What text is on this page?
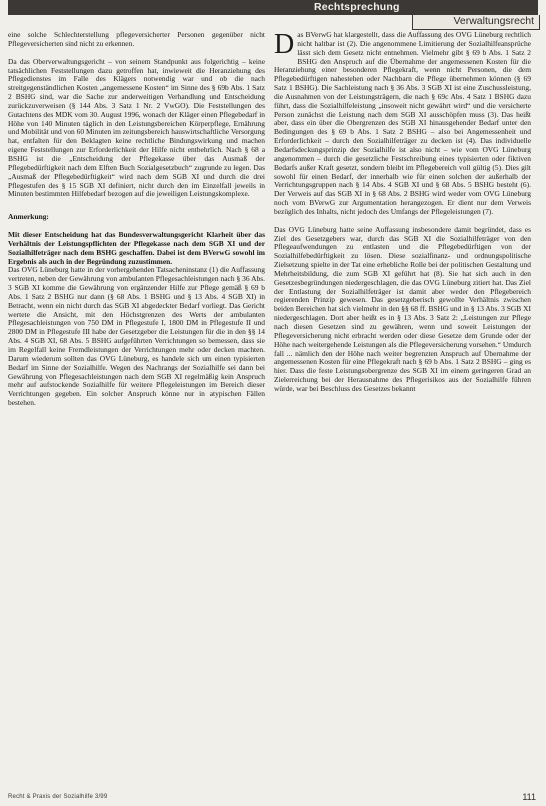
Rechtsprechung
Verwaltungsrecht

eine solche Schlechterstellung pflegeversicherter Personen gegenüber nicht Pflegeversicherten sind nicht zu erkennen.

Da das Oberverwaltungsgericht – von seinem Standpunkt aus folgerichtig – keine tatsächlichen Feststellungen dazu getroffen hat, inwieweit die Heranziehung des Pflegedienstes im Falle des Klägers notwendig war und ob die nach streitgegenständlichen Kosten „angemessene Kosten“ im Sinne des § 69b Abs. 1 Satz 2 BSHG sind, war die Sache zur anderweitigen Verhandlung und Entscheidung zurückzuverweisen (§ 144 Abs. 3 Satz 1 Nr. 2 VwGO). Die Feststellungen des Gutachtens des MDK vom 30. August 1996, wonach der Kläger einen Pflegebedarf in Höhe von 140 Minuten täglich in den Leistungsbereichen Körperpflege, Ernährung und Mobilität und von 60 Minuten im zeitungsbereich hauswirtschaftliche Versorgung hat, entfalten für den Beklagten keine rechtliche Bindungswirkung und machen eigene Feststellungen zur Erforderlichkeit der Hilfe nicht entbehrlich. Nach § 68 a BSHG ist die „Entscheidung der Pflegekasse über das Ausmaß der Pflegebedürftigkeit nach dem Elften Buch Sozialgesetzbuch“ zugrunde zu legen. Das „Ausmaß der Pflegebedürftigkeit“ wird nach dem SGB XI und durch die drei Pflegestufen des § 15 SGB XI definiert, nicht durch den im Einzelfall jeweils in Minuten bestimmten Hilfebedarf bezogen auf die jeweiligen Leistungskomplexe.

Anmerkung:

Mit dieser Entscheidung hat das Bundesverwaltungsgericht Klarheit über das Verhältnis der Leistungspflichten der Pflegekasse nach dem SGB XI und der Sozialhilfeträger nach dem BSHG geschaffen. Dabei ist dem BVerwG sowohl im Ergebnis als auch in der Begründung zuzustimmen.

Das OVG Lüneburg hatte in der vorhergehenden Tatsacheninstanz (1) die Auffassung vertreten, neben der Gewährung von ambulanten Pflegesachleistungen nach § 36 Abs. 3 SGB XI komme die Gewährung von ergänzender Hilfe zur Pflege gemäß § 69 b Abs. 1 Satz 2 BSHG nur dann (§ 68 Abs. 1 BSHG und § 13 Abs. 4 SGB XI) in Betracht, wenn ein nicht durch das SGB XI abgedeckter Bedarf vorliegt. Das Gericht wertete die Ansicht, mit den Höchstgrenzen des Werts der ambulanten Pflegesachleistungen von 750 DM in Pflegestufe I, 1800 DM in Pflegestufe II und 2800 DM in Pflegestufe III habe der Gesetzgeber die Leistungen für die in den §§ 14 Abs. 4 SGB XI, 68 Abs. 5 BSHG aufgeführten Verrichtungen so bemessen, dass sie im Regelfall keine Fremdleistungen der Verrichtungen mehr oder decken machten. Darum wiederum sollten das OVG Lüneburg, es handele sich um einen typisierten Bedarf im Sinne der Sozialhilfe. Wegen des Nachrangs der Sozialhilfe sei dann bei Gewährung von Pflegesachleistungen nach dem SGB XI regelmäßig kein Anspruch mehr auf aufstockende Sozialhilfe für weitere Pflegeleistungen im Bereich dieser Verrichtungen gegeben. Ein solcher Anspruch könne nur in atypischen Fällen bestehen.

Das BVerwG hat klargestellt, dass die Auffassung des OVG Lüneburg rechtlich nicht haltbar ist (2). Die angenommene Limitierung der Sozialhilfeansprüche lässt sich dem Gesetz nicht entnehmen. Vielmehr gibt § 69 b Abs. 1 Satz 2 BSHG den Anspruch auf die Übernahme der angemessenen Kosten für die Heranziehung einer besonderen Pflegekraft, wenn nicht Personen, die dem Pflegebedürftigen nahestehen oder Nachbarn die Pflege übernehmen können (§ 69 Satz 1 BSHG). Die Sachleistung nach § 36 Abs. 3 SGB XI ist eine Zuschussleistung, die Ausnahmen von der Leistungsträgern, die nach § 69c Abs. 4 Satz 1 BSHG dazu führt, dass die Sozialhilfeleistung „insoweit nicht gewährt wird“ und die versicherte Person zunächst die Leistung nach dem SGB XI ausschöpfen muss (3). Das heißt aber, dass ein über die Obergrenzen des SGB XI hinausgehender Bedarf unter den Bedingungen des § 69 b Abs. 1 Satz 2 BSHG – also bei Angemessenheit und Erforderlichkeit – durch den Sozialhilfeträger zu decken ist (4). Das individuelle Bedarfsdeckungsprinzip der Sozialhilfe ist also nicht – wie vom OVG Lüneburg angenommen – durch die gesetzliche Festschreibung eines typisierten oder fiktiven Bedarfs außer Kraft gesetzt, sondern bleibt im Pflegebereich voll gültig (5). Dies gilt sowohl für einen Bedarf, der innerhalb wie für einen solchen der außerhalb der Verrichtungsgruppen nach § 14 Abs. 4 SGB XI und § 68 Abs. 5 BSHG besteht (6). Der Verweis auf das SGB XI in § 68 Abs. 2 BSHG wird weder vom OVG Lüneburg noch vom BVerwG zur Argumentation herangezogen. Er dient nur dem Verweis bezüglich des Inhalts, nicht jedoch des Umfangs der Pflegeleistungen (7).

Das OVG Lüneburg hatte seine Auffassung insbesondere damit begründet, dass es Ziel des Gesetzgebers war, durch das SGB XI die Sozialhilfeträger von den Pflegeaufwendungen zu entlasten und die Pflegebedürftigen von der Sozialhilfebedürftigkeit zu lösen. Diese sozialfinanz- und ordnungspolitische Zielsetzung spielte in der Tat eine erhebliche Rolle bei der politischen Gestaltung und Mehrheitsbildung, die zum SGB XI geführt hat (8). Sie hat sich auch in den Gesetzesbegründungen niedergeschlagen, die das OVG Lüneburg zitiert hat. Das Ziel der Entlastung der Sozialhilfeträger ist damit aber weder den Pflegebereich regierenden Prinzip gewesen. Das gesetzgeberisch gewollte Verhältnis zwischen beiden Bereichen hat sich vielmehr in den §§ 68 ff. BSHG und in § 13 Abs. 3 SGB XI niedergeschlagen. Dort aber heißt es in § 13 Abs. 3 Satz 2: „Leistungen zur Pflege nach diesen Gesetzen sind zu gewähren, wenn und soweit Leistungen der Pflegeversicherung nicht erbracht werden oder diese Gesetze dem Grunde oder der Höhe nach weitergehende Leistungen als die Pflegeversicherung vorsehen.“ Umdurch fall ... nämlich den der Höhe nach weiter begrenzten Anspruch auf Übernahme der angemessenen Kosten für eine Pflegekraft nach § 69 b Abs. 1 Satz 2 BSHG – ging es hier. Dass die feste Leistungsobergrenze des SGB XI im einem geringeren Grad an Zielerreichung bei der Herausnahme des Pflegerisikos aus der Sozialhilfe führen würde, war bei Beschluss des Gesetzes bekannt

Recht & Praxis der Sozialhilfe 3/99	111
